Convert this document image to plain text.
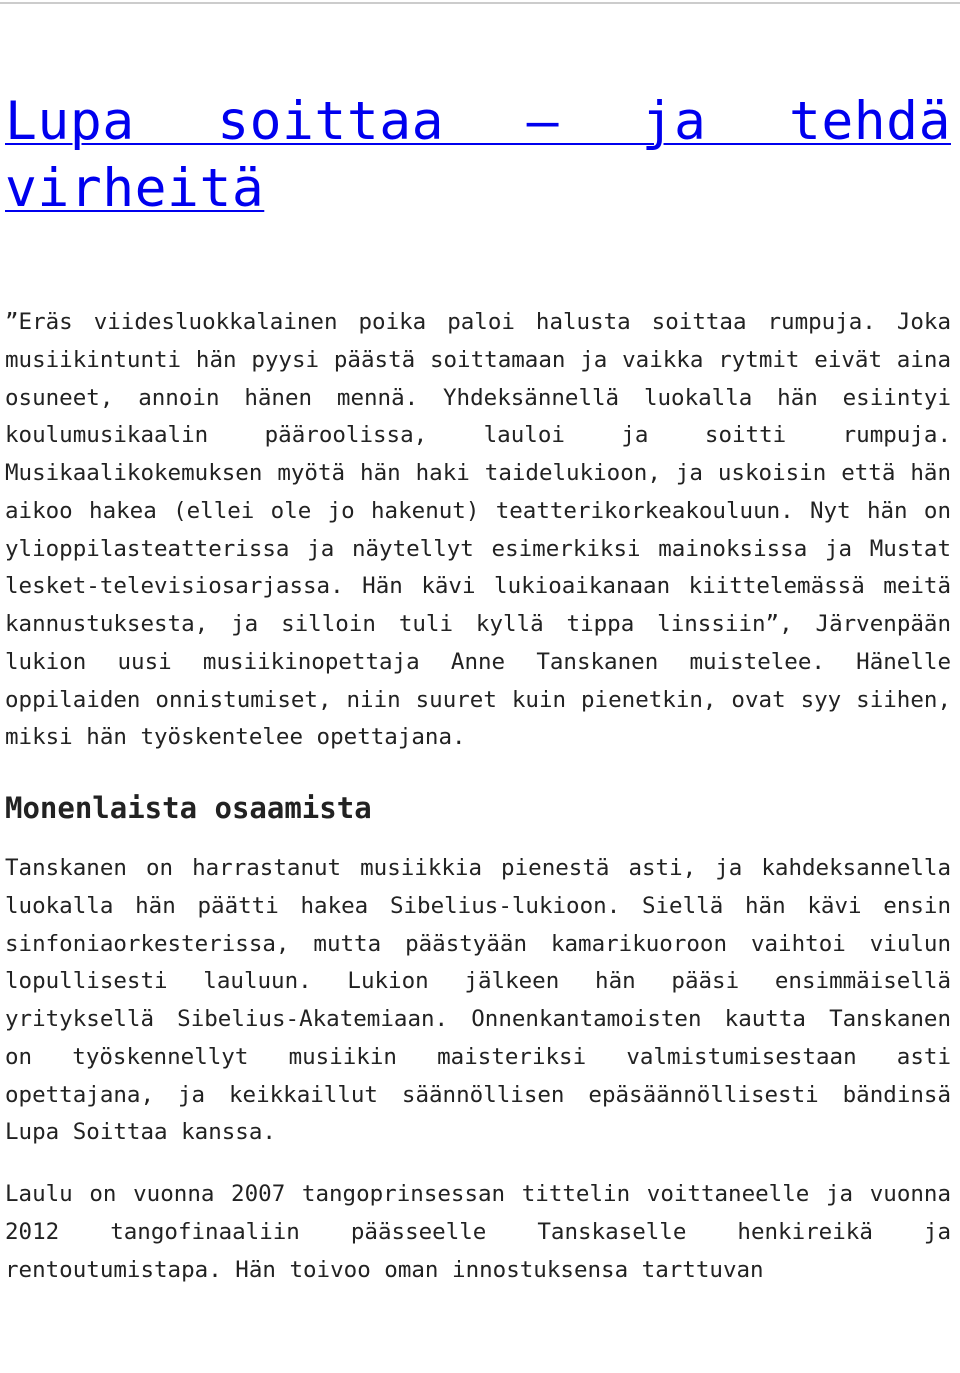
Lupa soittaa – ja tehdä virheitä

”Eräs viidesluokkalainen poika paloi halusta soittaa rumpuja. Joka musiikintunti hän pyysi päästä soittamaan ja vaikka rytmit eivät aina osuneet, annoin hänen mennä. Yhdeksännellä luokalla hän esiintyi koulumusikaalin pääroolissa, lauloi ja soitti rumpuja. Musikaalikokemuksen myötä hän haki taidelukioon, ja uskoisin että hän aikoo hakea (ellei ole jo hakenut) teatterikorkeakouluun. Nyt hän on ylioppilasteatterissa ja näytellyt esimerkiksi mainoksissa ja Mustat lesket-televisiosarjassa. Hän kävi lukioaikanaan kiittelemässä meitä kannustuksesta, ja silloin tuli kyllä tippa linssiin”, Järvenpään lukion uusi musiikinopettaja Anne Tanskanen muistelee. Hänelle oppilaiden onnistumiset, niin suuret kuin pienetkin, ovat syy siihen, miksi hän työskentelee opettajana.

Monenlaista osaamista

Tanskanen on harrastanut musiikkia pienestä asti, ja kahdeksannella luokalla hän päätti hakea Sibelius-lukioon. Siellä hän kävi ensin sinfoniaorkesterissa, mutta päästyään kamarikuoroon vaihtoi viulun lopullisesti lauluun. Lukion jälkeen hän pääsi ensimmäisellä yrityksellä Sibelius-Akatemiaan. Onnenkantamoisten kautta Tanskanen on työskennellyt musiikin maisteriksi valmistumisestaan asti opettajana, ja keikkaillut säännöllisen epäsäännöllisesti bändinsä Lupa Soittaa kanssa.

Laulu on vuonna 2007 tangoprinsessan tittelin voittaneelle ja vuonna 2012 tangofinaaliin päässeelle Tanskaselle henkireikä ja rentoutumistapa. Hän toivoo oman innostuksensa tarttuvan
